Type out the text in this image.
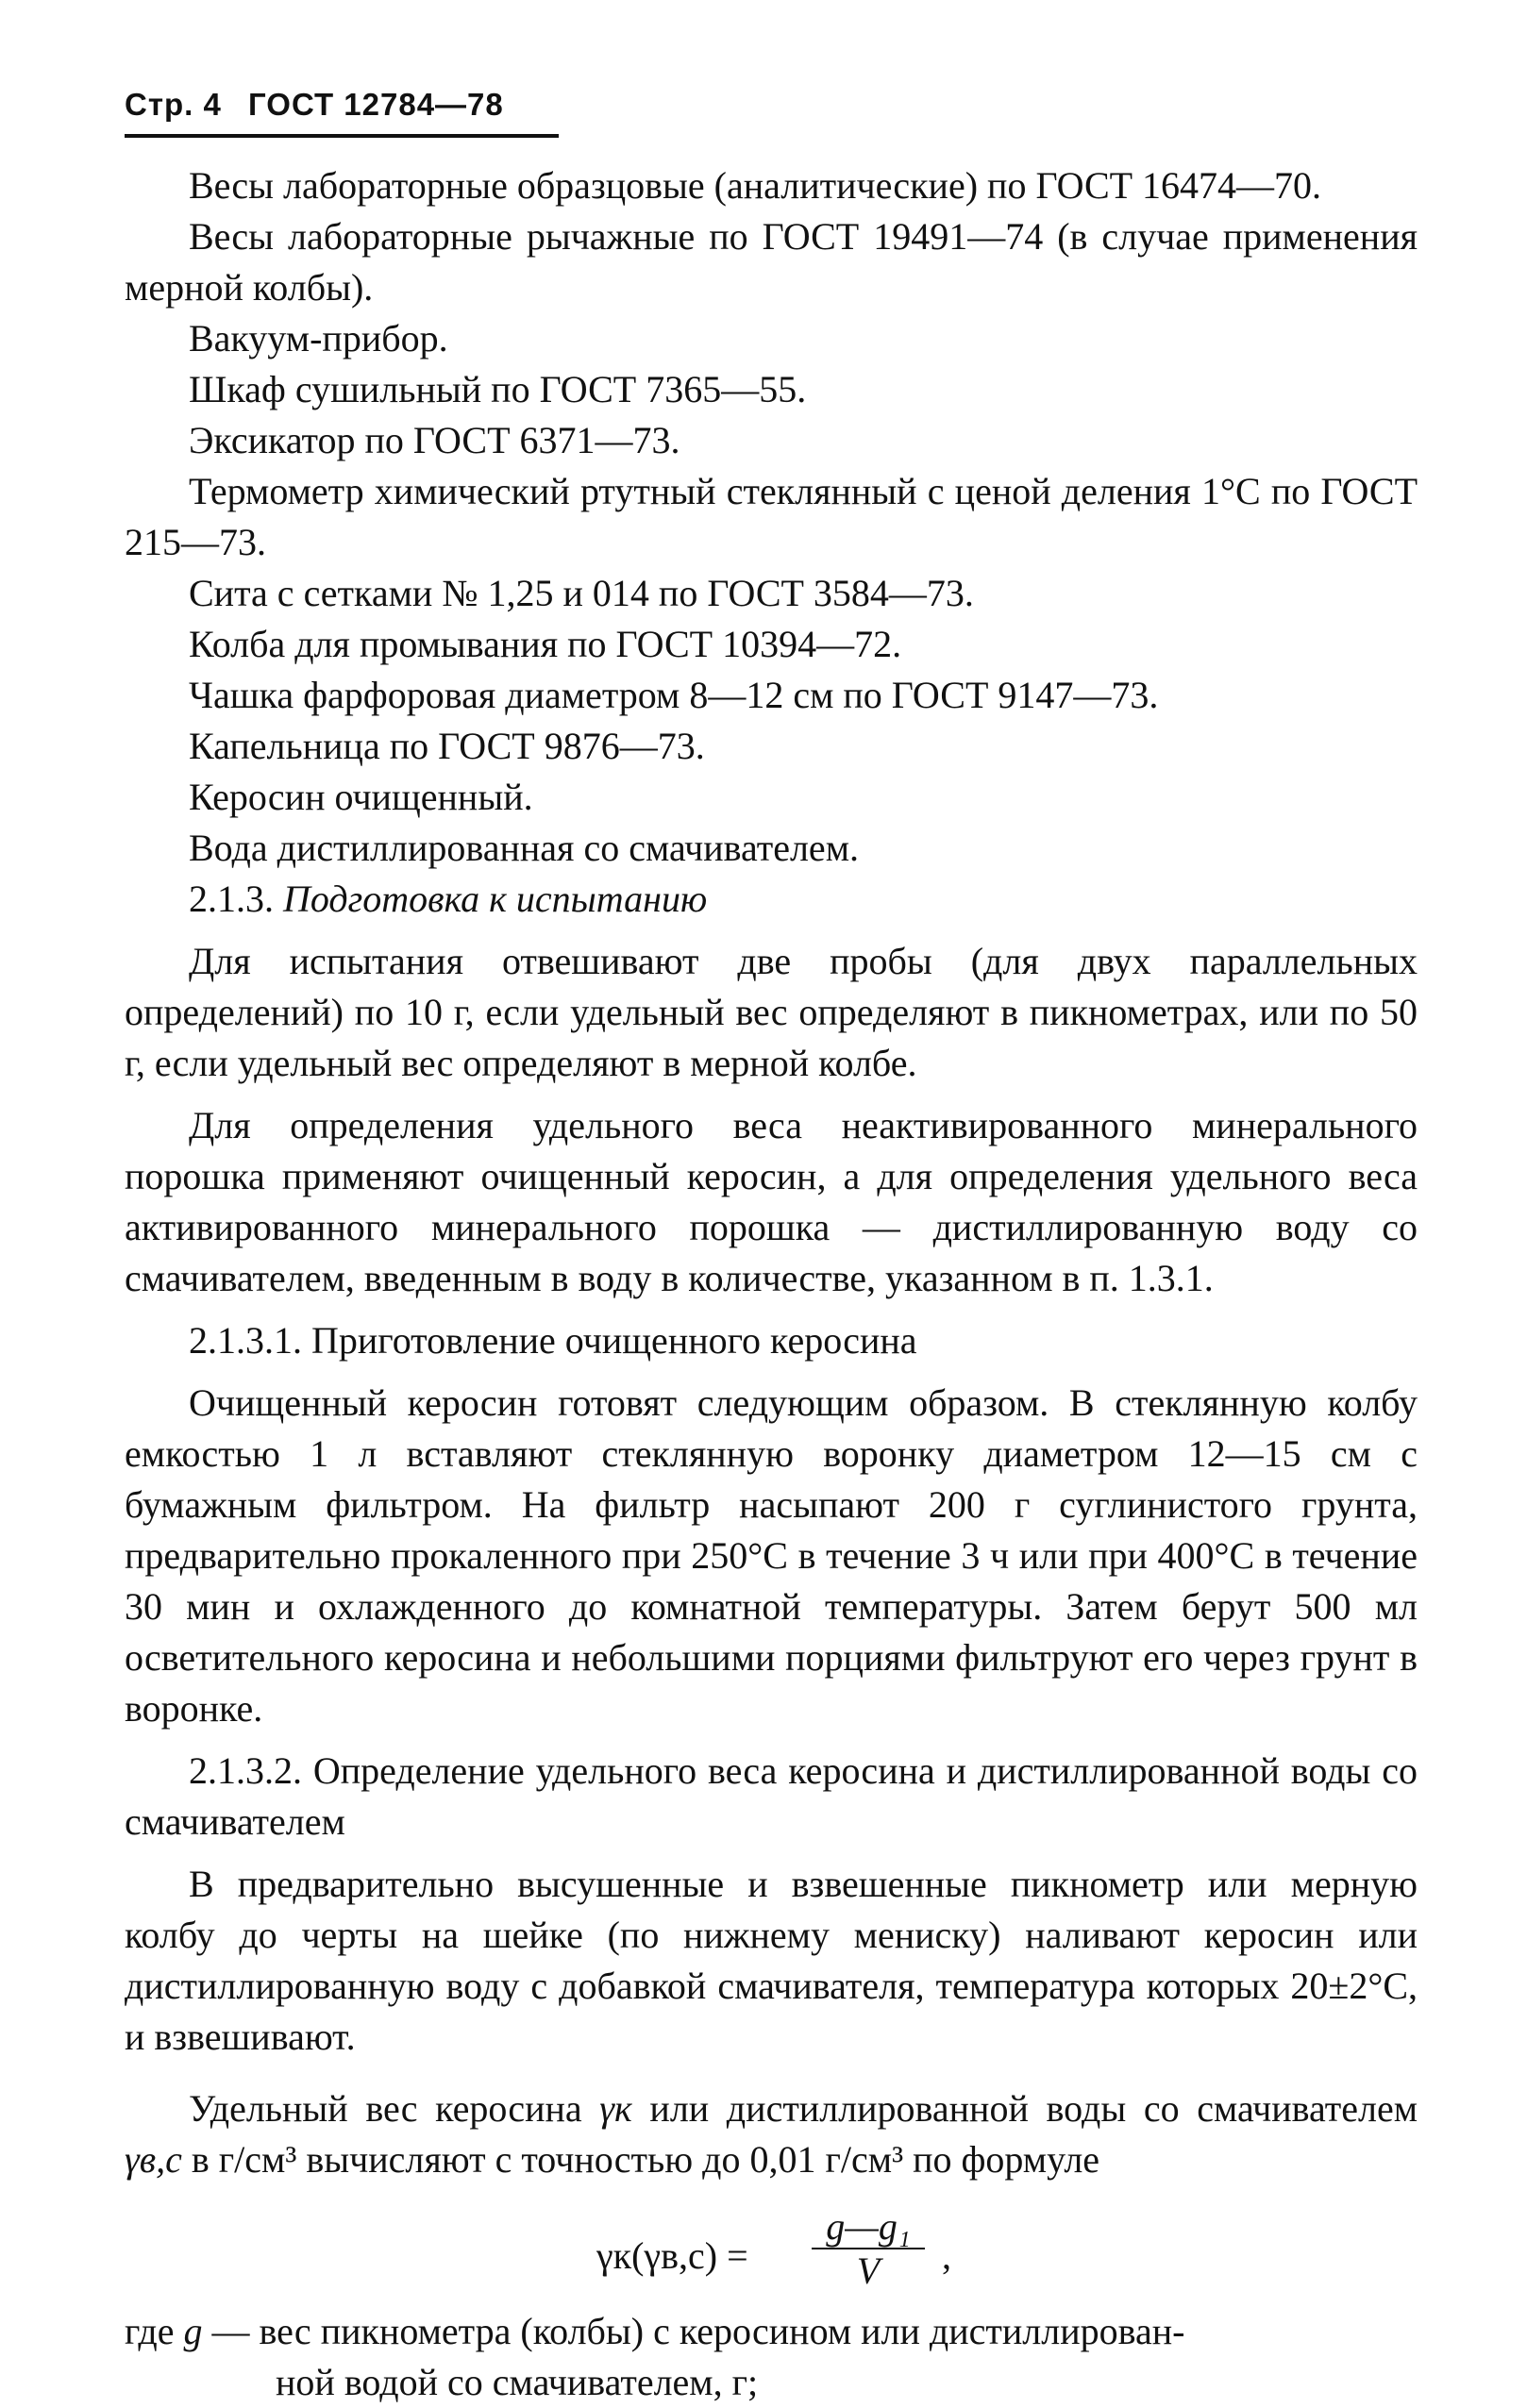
Стр. 4 ГОСТ 12784—78

Весы лабораторные образцовые (аналитические) по ГОСТ 16474—70.

Весы лабораторные рычажные по ГОСТ 19491—74 (в случае применения мерной колбы).

Вакуум-прибор.

Шкаф сушильный по ГОСТ 7365—55.

Эксикатор по ГОСТ 6371—73.

Термометр химический ртутный стеклянный с ценой деления 1°С по ГОСТ 215—73.

Сита с сетками № 1,25 и 014 по ГОСТ 3584—73.

Колба для промывания по ГОСТ 10394—72.

Чашка фарфоровая диаметром 8—12 см по ГОСТ 9147—73.

Капельница по ГОСТ 9876—73.

Керосин очищенный.

Вода дистиллированная со смачивателем.

2.1.3. Подготовка к испытанию

Для испытания отвешивают две пробы (для двух параллельных определений) по 10 г, если удельный вес определяют в пикнометрах, или по 50 г, если удельный вес определяют в мерной колбе.

Для определения удельного веса неактивированного минерального порошка применяют очищенный керосин, а для определения удельного веса активированного минерального порошка — дистиллированную воду со смачивателем, введенным в воду в количестве, указанном в п. 1.3.1.

2.1.3.1. Приготовление очищенного керосина

Очищенный керосин готовят следующим образом. В стеклянную колбу емкостью 1 л вставляют стеклянную воронку диаметром 12—15 см с бумажным фильтром. На фильтр насыпают 200 г суглинистого грунта, предварительно прокаленного при 250°С в течение 3 ч или при 400°С в течение 30 мин и охлажденного до комнатной температуры. Затем берут 500 мл осветительного керосина и небольшими порциями фильтруют его через грунт в воронке.

2.1.3.2. Определение удельного веса керосина и дистиллированной воды со смачивателем

В предварительно высушенные и взвешенные пикнометр или мерную колбу до черты на шейке (по нижнему мениску) наливают керосин или дистиллированную воду с добавкой смачивателя, температура которых 20±2°С, и взвешивают.

Удельный вес керосина γк или дистиллированной воды со смачивателем γв,с в г/см³ вычисляют с точностью до 0,01 г/см³ по формуле

$\gamma к(\gamma в,с) = \frac{\text{g—g₁}}{V}$ ,
где g — вес пикнометра (колбы) с керосином или дистиллирован-
ной водой со смачивателем, г;
